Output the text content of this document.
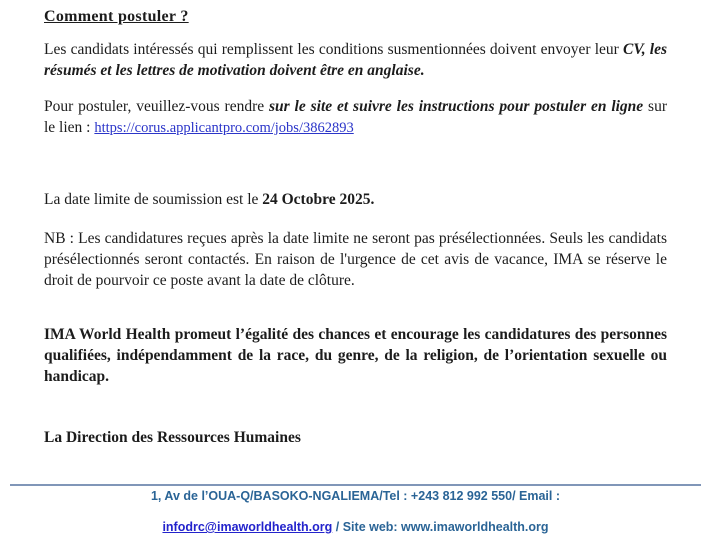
Comment postuler ?

Les candidats intéressés qui remplissent les conditions susmentionnées doivent envoyer leur CV, les résumés et les lettres de motivation doivent être en anglaise.

Pour postuler, veuillez-vous rendre sur le site et suivre les instructions pour postuler en ligne sur le lien : https://corus.applicantpro.com/jobs/3862893

La date limite de soumission est le 24 Octobre 2025.

NB : Les candidatures reçues après la date limite ne seront pas présélectionnées. Seuls les candidats présélectionnés seront contactés. En raison de l'urgence de cet avis de vacance, IMA se réserve le droit de pourvoir ce poste avant la date de clôture.

IMA World Health promeut l’égalité des chances et encourage les candidatures des personnes qualifiées, indépendamment de la race, du genre, de la religion, de l’orientation sexuelle ou handicap.

La Direction des Ressources Humaines

1, Av de l’OUA-Q/BASOKO-NGALIEMA/Tel : +243 812 992 550/ Email :
infodrc@imaworldhealth.org / Site web: www.imaworldhealth.org
